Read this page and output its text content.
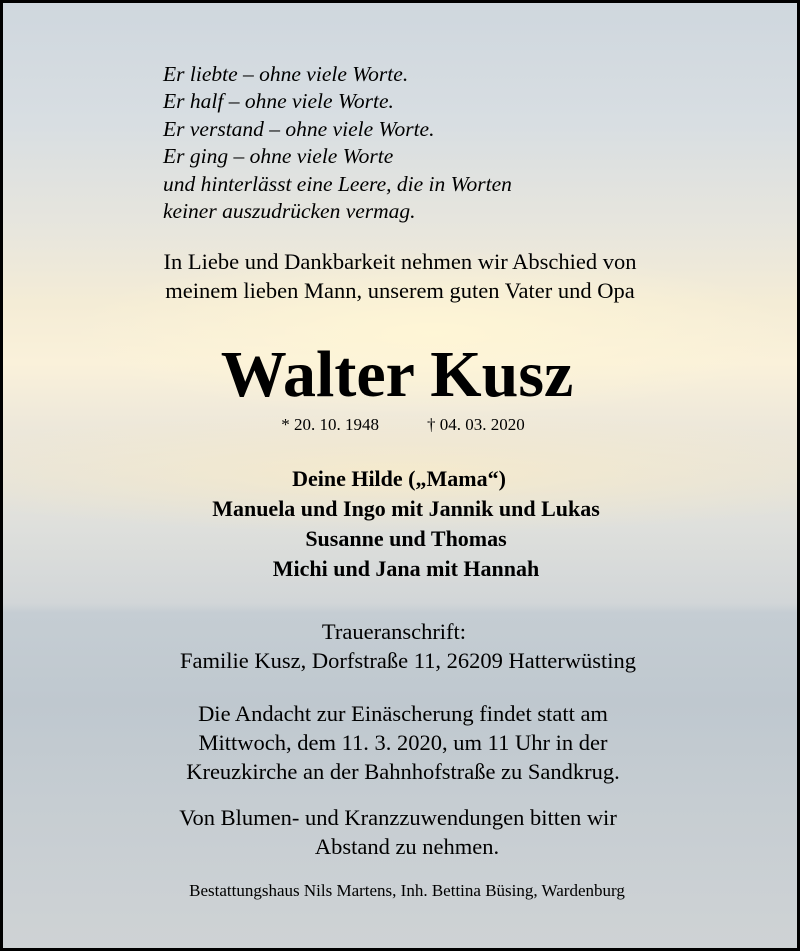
Er liebte – ohne viele Worte.
Er half – ohne viele Worte.
Er verstand – ohne viele Worte.
Er ging – ohne viele Worte
und hinterlässt eine Leere, die in Worten
keiner auszudrücken vermag.
In Liebe und Dankbarkeit nehmen wir Abschied von
meinem lieben Mann, unserem guten Vater und Opa
Walter Kusz
* 20. 10. 1948	† 04. 03. 2020
Deine Hilde („Mama“)
Manuela und Ingo mit Jannik und Lukas
Susanne und Thomas
Michi und Jana mit Hannah
Traueranschrift:
Familie Kusz, Dorfstraße 11, 26209 Hatterwüsting
Die Andacht zur Einäscherung findet statt am
Mittwoch, dem 11. 3. 2020, um 11 Uhr in der
Kreuzkirche an der Bahnhofstraße zu Sandkrug.
Von Blumen- und Kranzzuwendungen bitten wir
Abstand zu nehmen.
Bestattungshaus Nils Martens, Inh. Bettina Büsing, Wardenburg
